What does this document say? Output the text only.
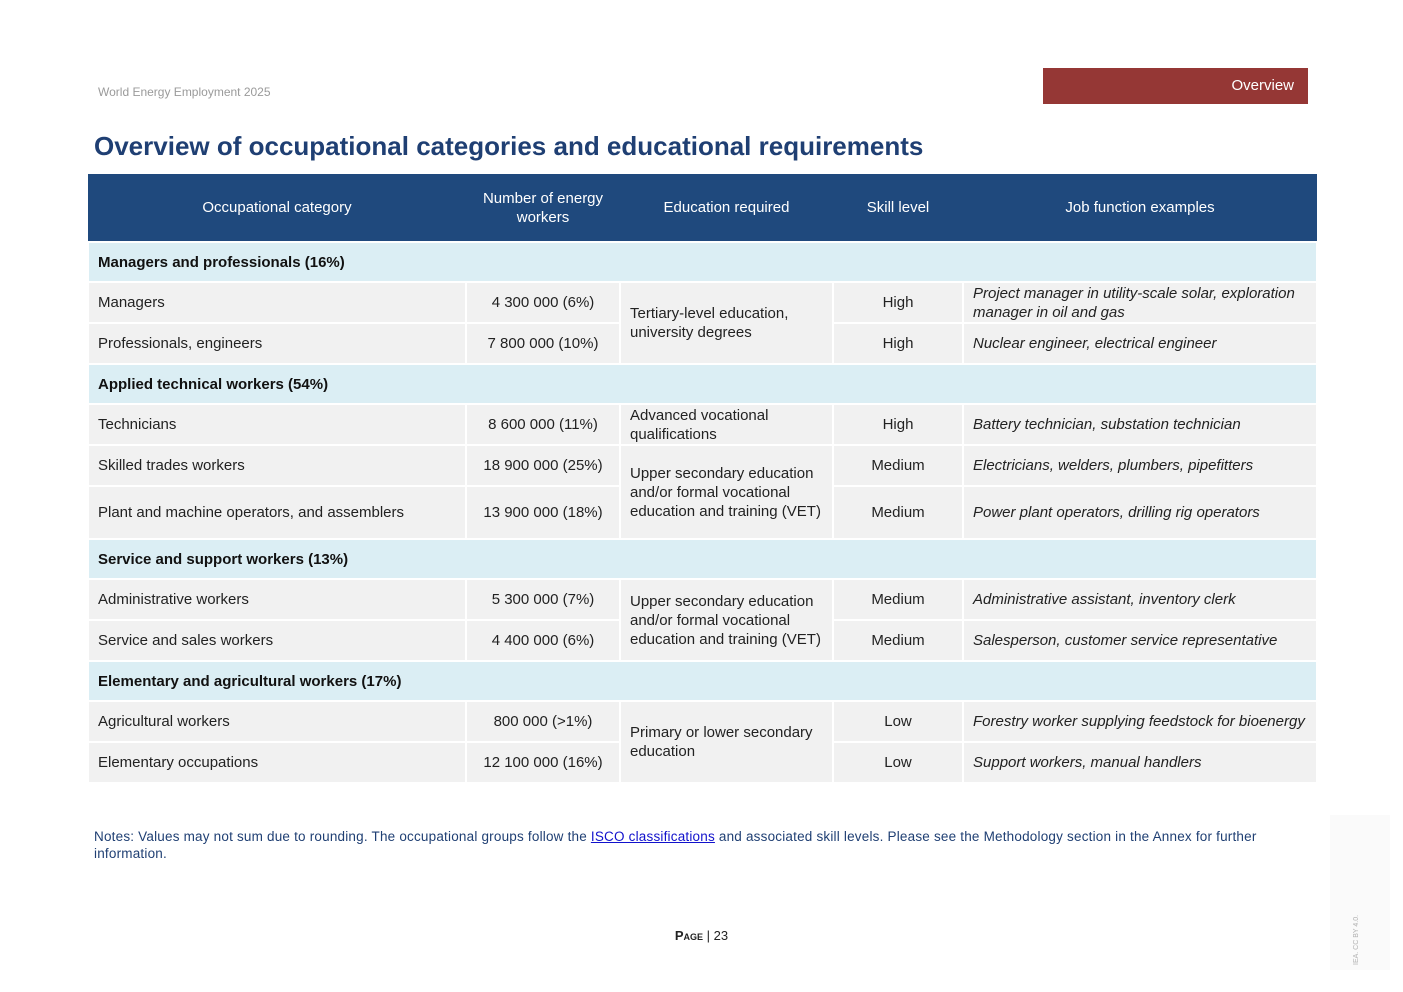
World Energy Employment 2025	Overview
Overview of occupational categories and educational requirements
Occupational category	Number of energy workers	Education required	Skill level	Job function examples
Managers and professionals (16%)				
Managers	4 300 000 (6%)	Tertiary-level education, university degrees	High	Project manager in utility-scale solar, exploration manager in oil and gas
Professionals, engineers	7 800 000 (10%)		High	Nuclear engineer, electrical engineer
Applied technical workers (54%)				
Technicians	8 600 000 (11%)	Advanced vocational qualifications	High	Battery technician, substation technician
Skilled trades workers	18 900 000 (25%)	Upper secondary education and/or formal vocational education and training (VET)	Medium	Electricians, welders, plumbers, pipefitters
Plant and machine operators, and assemblers	13 900 000 (18%)		Medium	Power plant operators, drilling rig operators
Service and support workers (13%)				
Administrative workers	5 300 000 (7%)	Upper secondary education and/or formal vocational education and training (VET)	Medium	Administrative assistant, inventory clerk
Service and sales workers	4 400 000 (6%)		Medium	Salesperson, customer service representative
Elementary and agricultural workers (17%)				
Agricultural workers	800 000 (>1%)	Primary or lower secondary education	Low	Forestry worker supplying feedstock for bioenergy
Elementary occupations	12 100 000 (16%)		Low	Support workers, manual handlers
Notes: Values may not sum due to rounding. The occupational groups follow the ISCO classifications and associated skill levels. Please see the Methodology section in the Annex for further information.
Page | 23	IEA. CC BY 4.0.
